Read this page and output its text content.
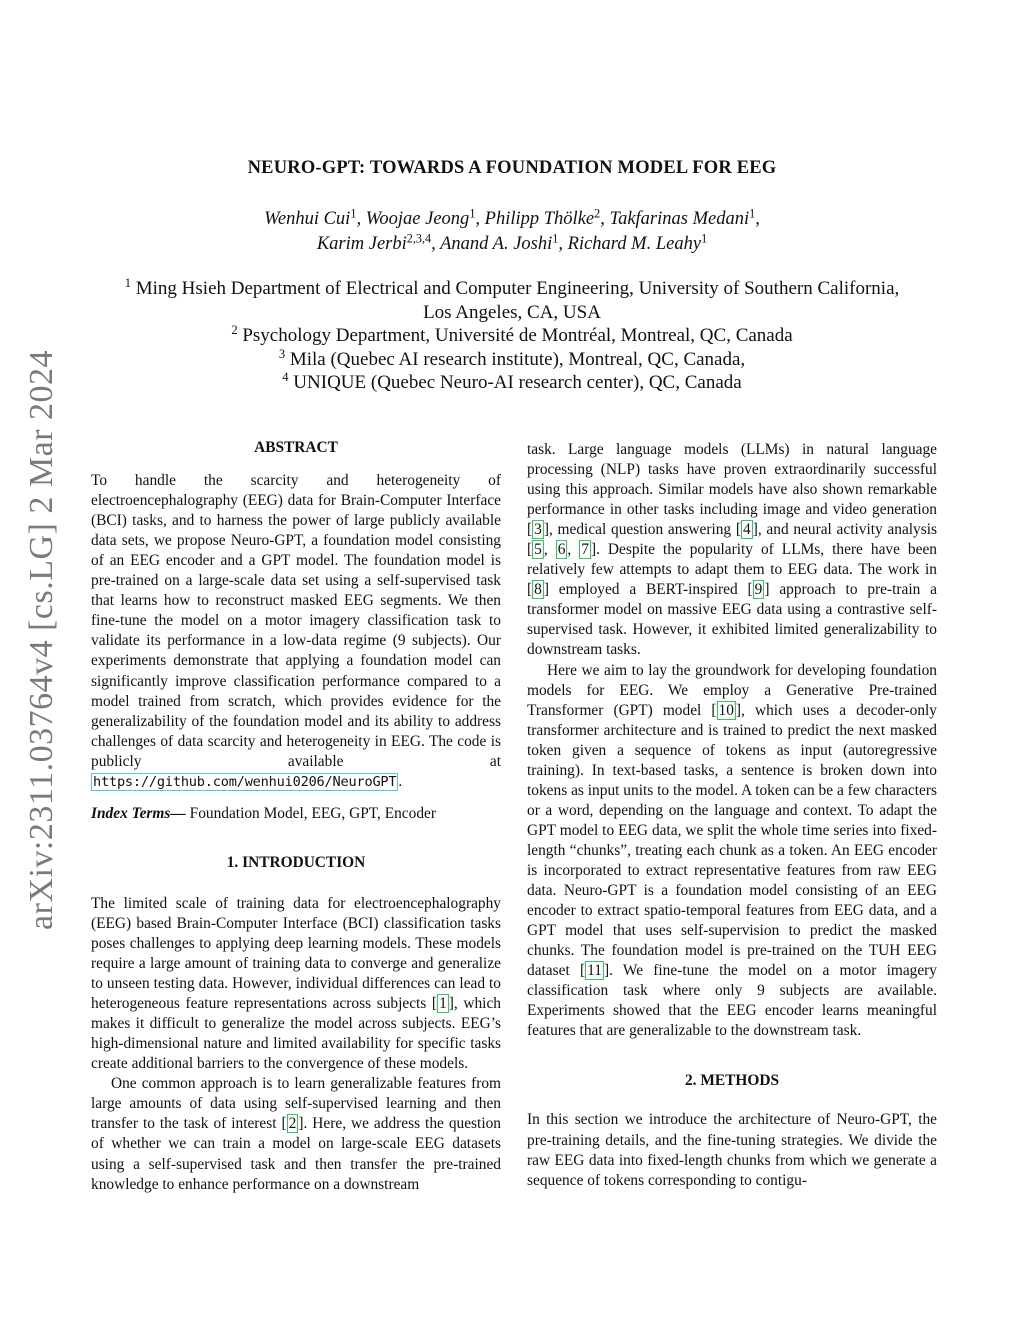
arXiv:2311.03764v4 [cs.LG] 2 Mar 2024
NEURO-GPT: TOWARDS A FOUNDATION MODEL FOR EEG
Wenhui Cui$^1$, Woojae Jeong$^1$, Philipp Thölke$^2$, Takfarinas Medani$^1$,
Karim Jerbi$^{2,3,4}$, Anand A. Joshi$^1$, Richard M. Leahy$^1$
$^1$ Ming Hsieh Department of Electrical and Computer Engineering, University of Southern California,
Los Angeles, CA, USA
$^2$ Psychology Department, Université de Montréal, Montreal, QC, Canada
$^3$ Mila (Quebec AI research institute), Montreal, QC, Canada,
$^4$ UNIQUE (Quebec Neuro-AI research center), QC, Canada

ABSTRACT

To handle the scarcity and heterogeneity of electroencephalography (EEG) data for Brain-Computer Interface (BCI) tasks, and to harness the power of large publicly available data sets, we propose Neuro-GPT, a foundation model consisting of an EEG encoder and a GPT model. The foundation model is pre-trained on a large-scale data set using a self-supervised task that learns how to reconstruct masked EEG segments. We then fine-tune the model on a motor imagery classification task to validate its performance in a low-data regime (9 subjects). Our experiments demonstrate that applying a foundation model can significantly improve classification performance compared to a model trained from scratch, which provides evidence for the generalizability of the foundation model and its ability to address challenges of data scarcity and heterogeneity in EEG. The code is publicly available at https://github.com/wenhui0206/NeuroGPT .

Index Terms— Foundation Model, EEG, GPT, Encoder

1. INTRODUCTION

The limited scale of training data for electroencephalography (EEG) based Brain-Computer Interface (BCI) classification tasks poses challenges to applying deep learning models. These models require a large amount of training data to converge and generalize to unseen testing data. However, individual differences can lead to heterogeneous feature representations across subjects [ 1 ], which makes it difficult to generalize the model across subjects. EEG’s high-dimensional nature and limited availability for specific tasks create additional barriers to the convergence of these models.

One common approach is to learn generalizable features from large amounts of data using self-supervised learning and then transfer to the task of interest [ 2 ]. Here, we address the question of whether we can train a model on large-scale EEG datasets using a self-supervised task and then transfer the pre-trained knowledge to enhance performance on a downstream

task. Large language models (LLMs) in natural language processing (NLP) tasks have proven extraordinarily successful using this approach. Similar models have also shown remarkable performance in other tasks including image and video generation [ 3 ], medical question answering [ 4 ], and neural activity analysis [ 5 , 6 , 7 ]. Despite the popularity of LLMs, there have been relatively few attempts to adapt them to EEG data. The work in [ 8 ] employed a BERT-inspired [ 9 ] approach to pre-train a transformer model on massive EEG data using a contrastive self-supervised task. However, it exhibited limited generalizability to downstream tasks.

Here we aim to lay the groundwork for developing foundation models for EEG. We employ a Generative Pre-trained Transformer (GPT) model [ 10 ], which uses a decoder-only transformer architecture and is trained to predict the next masked token given a sequence of tokens as input (autoregressive training). In text-based tasks, a sentence is broken down into tokens as input units to the model. A token can be a few characters or a word, depending on the language and context. To adapt the GPT model to EEG data, we split the whole time series into fixed-length “chunks”, treating each chunk as a token. An EEG encoder is incorporated to extract representative features from raw EEG data. Neuro-GPT is a foundation model consisting of an EEG encoder to extract spatio-temporal features from EEG data, and a GPT model that uses self-supervision to predict the masked chunks. The foundation model is pre-trained on the TUH EEG dataset [ 11 ]. We fine-tune the model on a motor imagery classification task where only 9 subjects are available. Experiments showed that the EEG encoder learns meaningful features that are generalizable to the downstream task.

2. METHODS

In this section we introduce the architecture of Neuro-GPT, the pre-training details, and the fine-tuning strategies. We divide the raw EEG data into fixed-length chunks from which we generate a sequence of tokens corresponding to contigu-
